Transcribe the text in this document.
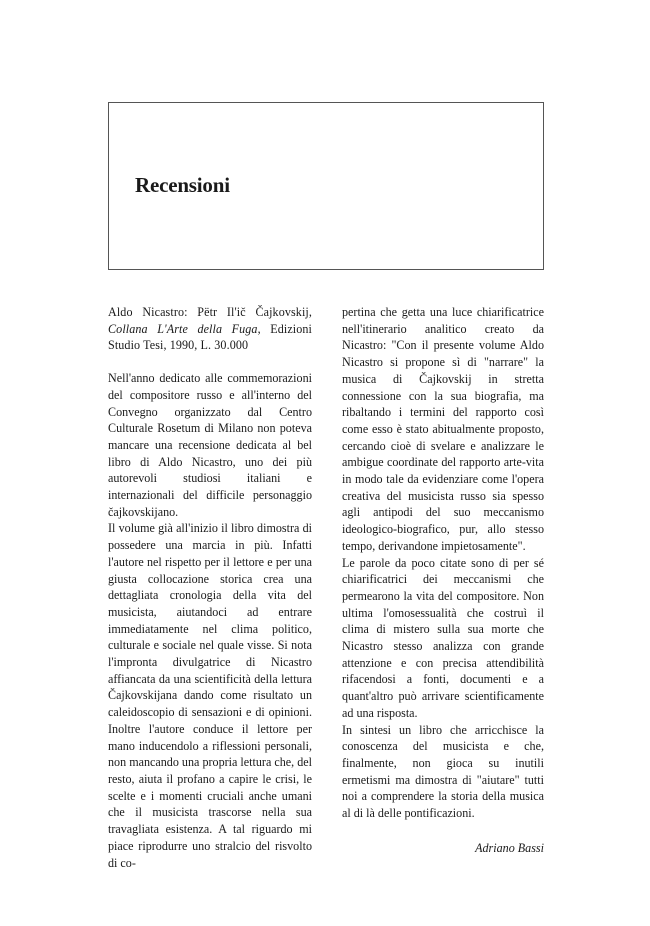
Recensioni

Aldo Nicastro: Pëtr Il'ič Čajkovskij, Collana L'Arte della Fuga, Edizioni Studio Tesi, 1990, L. 30.000

Nell'anno dedicato alle commemorazioni del compositore russo e all'interno del Convegno organizzato dal Centro Culturale Rosetum di Milano non poteva mancare una recensione dedicata al bel libro di Aldo Nicastro, uno dei più autorevoli studiosi italiani e internazionali del difficile personaggio čajkovskijano.

Il volume già all'inizio il libro dimostra di possedere una marcia in più. Infatti l'autore nel rispetto per il lettore e per una giusta collocazione storica crea una dettagliata cronologia della vita del musicista, aiutandoci ad entrare immediatamente nel clima politico, culturale e sociale nel quale visse. Si nota l'impronta divulgatrice di Nicastro affiancata da una scientificità della lettura Čajkovskijana dando come risultato un caleidoscopio di sensazioni e di opinioni. Inoltre l'autore conduce il lettore per mano inducendolo a riflessioni personali, non mancando una propria lettura che, del resto, aiuta il profano a capire le crisi, le scelte e i momenti cruciali anche umani che il musicista trascorse nella sua travagliata esistenza. A tal riguardo mi piace riprodurre uno stralcio del risvolto di co-

pertina che getta una luce chiarificatrice nell'itinerario analitico creato da Nicastro: "Con il presente volume Aldo Nicastro si propone sì di "narrare" la musica di Čajkovskij in stretta connessione con la sua biografia, ma ribaltando i termini del rapporto così come esso è stato abitualmente proposto, cercando cioè di svelare e analizzare le ambigue coordinate del rapporto arte-vita in modo tale da evidenziare come l'opera creativa del musicista russo sia spesso agli antipodi del suo meccanismo ideologico-biografico, pur, allo stesso tempo, derivandone impietosamente".

Le parole da poco citate sono di per sé chiarificatrici dei meccanismi che permearono la vita del compositore. Non ultima l'omosessualità che costruì il clima di mistero sulla sua morte che Nicastro stesso analizza con grande attenzione e con precisa attendibilità rifacendosi a fonti, documenti e a quant'altro può arrivare scientificamente ad una risposta.

In sintesi un libro che arricchisce la conoscenza del musicista e che, finalmente, non gioca su inutili ermetismi ma dimostra di "aiutare" tutti noi a comprendere la storia della musica al di là delle pontificazioni.

Adriano Bassi
